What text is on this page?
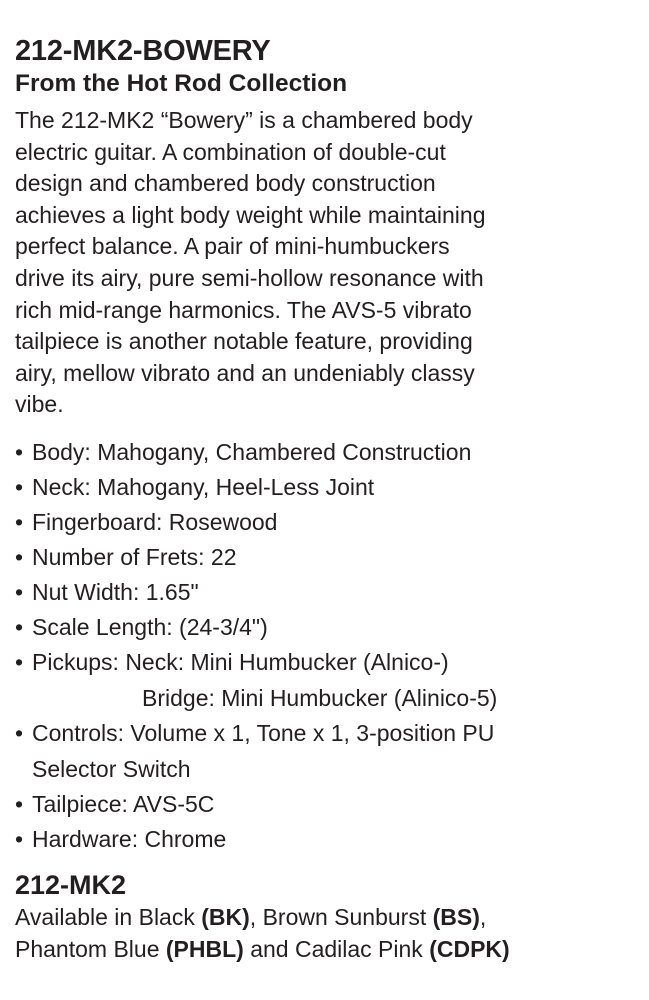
212-MK2-BOWERY
From the Hot Rod Collection

The 212-MK2 “Bowery” is a chambered body
electric guitar. A combination of double-cut
design and chambered body construction
achieves a light body weight while maintaining
perfect balance. A pair of mini-humbuckers
drive its airy, pure semi-hollow resonance with
rich mid-range harmonics. The AVS-5 vibrato
tailpiece is another notable feature, providing
airy, mellow vibrato and an undeniably classy
vibe.

• Body: Mahogany, Chambered Construction
• Neck: Mahogany, Heel-Less Joint
• Fingerboard: Rosewood
• Number of Frets: 22
• Nut Width: 1.65"
• Scale Length: (24-3/4")
• Pickups: Neck: Mini Humbucker (Alnico-)
Bridge: Mini Humbucker (Alinico-5)
• Controls: Volume x 1, Tone x 1, 3-position PU
Selector Switch
• Tailpiece: AVS-5C
• Hardware: Chrome
212-MK2

Available in Black (BK), Brown Sunburst (BS),
Phantom Blue (PHBL) and Cadilac Pink (CDPK)
